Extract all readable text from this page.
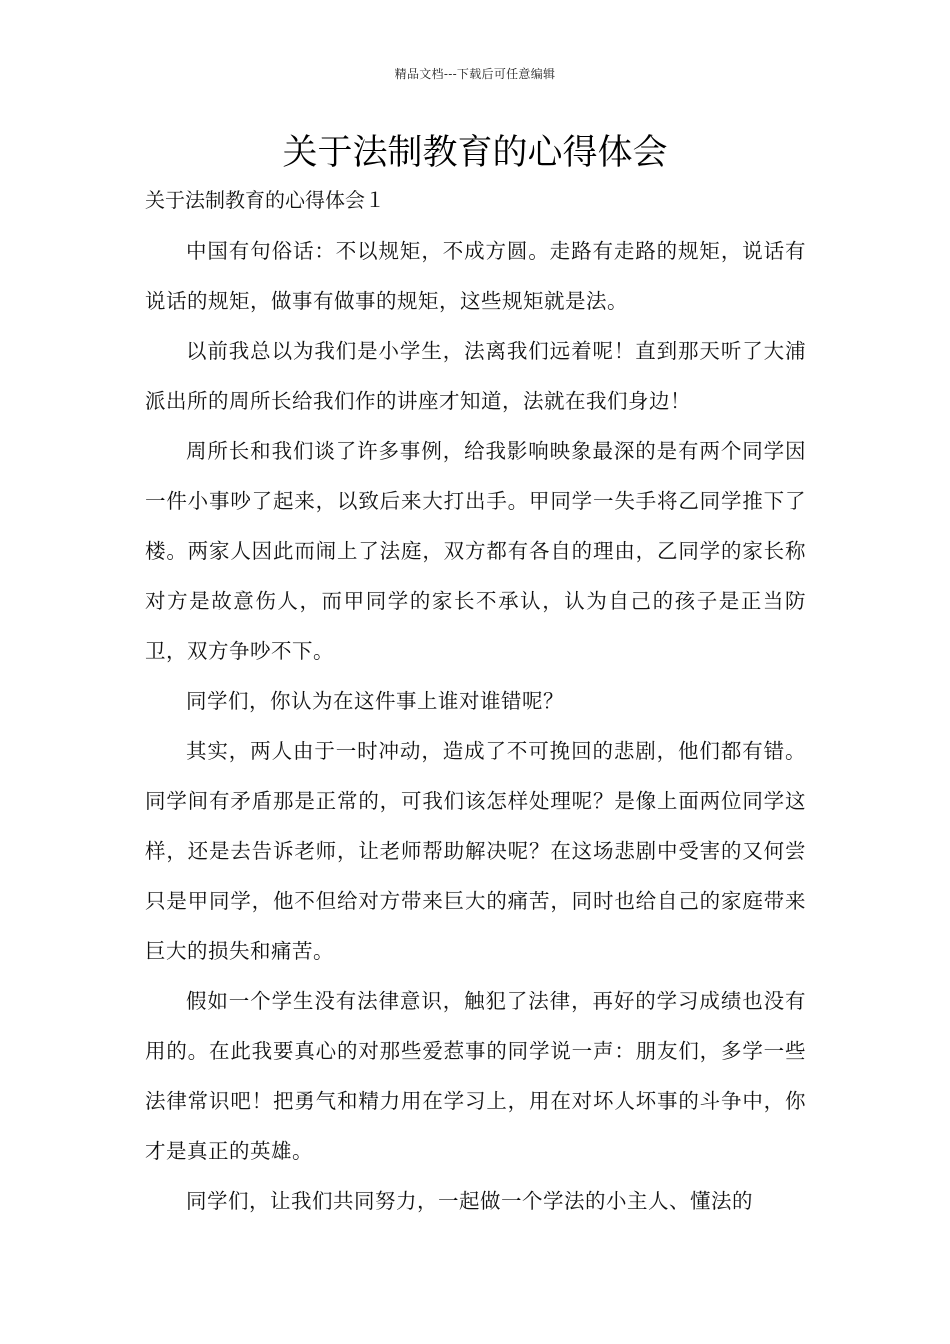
精品文档---下载后可任意编辑
关于法制教育的心得体会
关于法制教育的心得体会１

中国有句俗话：不以规矩，不成方圆。走路有走路的规矩，说话有说话的规矩，做事有做事的规矩，这些规矩就是法。

以前我总以为我们是小学生，法离我们远着呢！直到那天听了大浦派出所的周所长给我们作的讲座才知道，法就在我们身边！

周所长和我们谈了许多事例，给我影响映象最深的是有两个同学因一件小事吵了起来，以致后来大打出手。甲同学一失手将乙同学推下了楼。两家人因此而闹上了法庭，双方都有各自的理由，乙同学的家长称对方是故意伤人，而甲同学的家长不承认，认为自己的孩子是正当防卫，双方争吵不下。

同学们，你认为在这件事上谁对谁错呢？

其实，两人由于一时冲动，造成了不可挽回的悲剧，他们都有错。同学间有矛盾那是正常的，可我们该怎样处理呢？是像上面两位同学这样，还是去告诉老师，让老师帮助解决呢？在这场悲剧中受害的又何尝只是甲同学，他不但给对方带来巨大的痛苦，同时也给自己的家庭带来巨大的损失和痛苦。

假如一个学生没有法律意识，触犯了法律，再好的学习成绩也没有用的。在此我要真心的对那些爱惹事的同学说一声：朋友们，多学一些法律常识吧！把勇气和精力用在学习上，用在对坏人坏事的斗争中，你才是真正的英雄。

同学们，让我们共同努力，一起做一个学法的小主人、懂法的
